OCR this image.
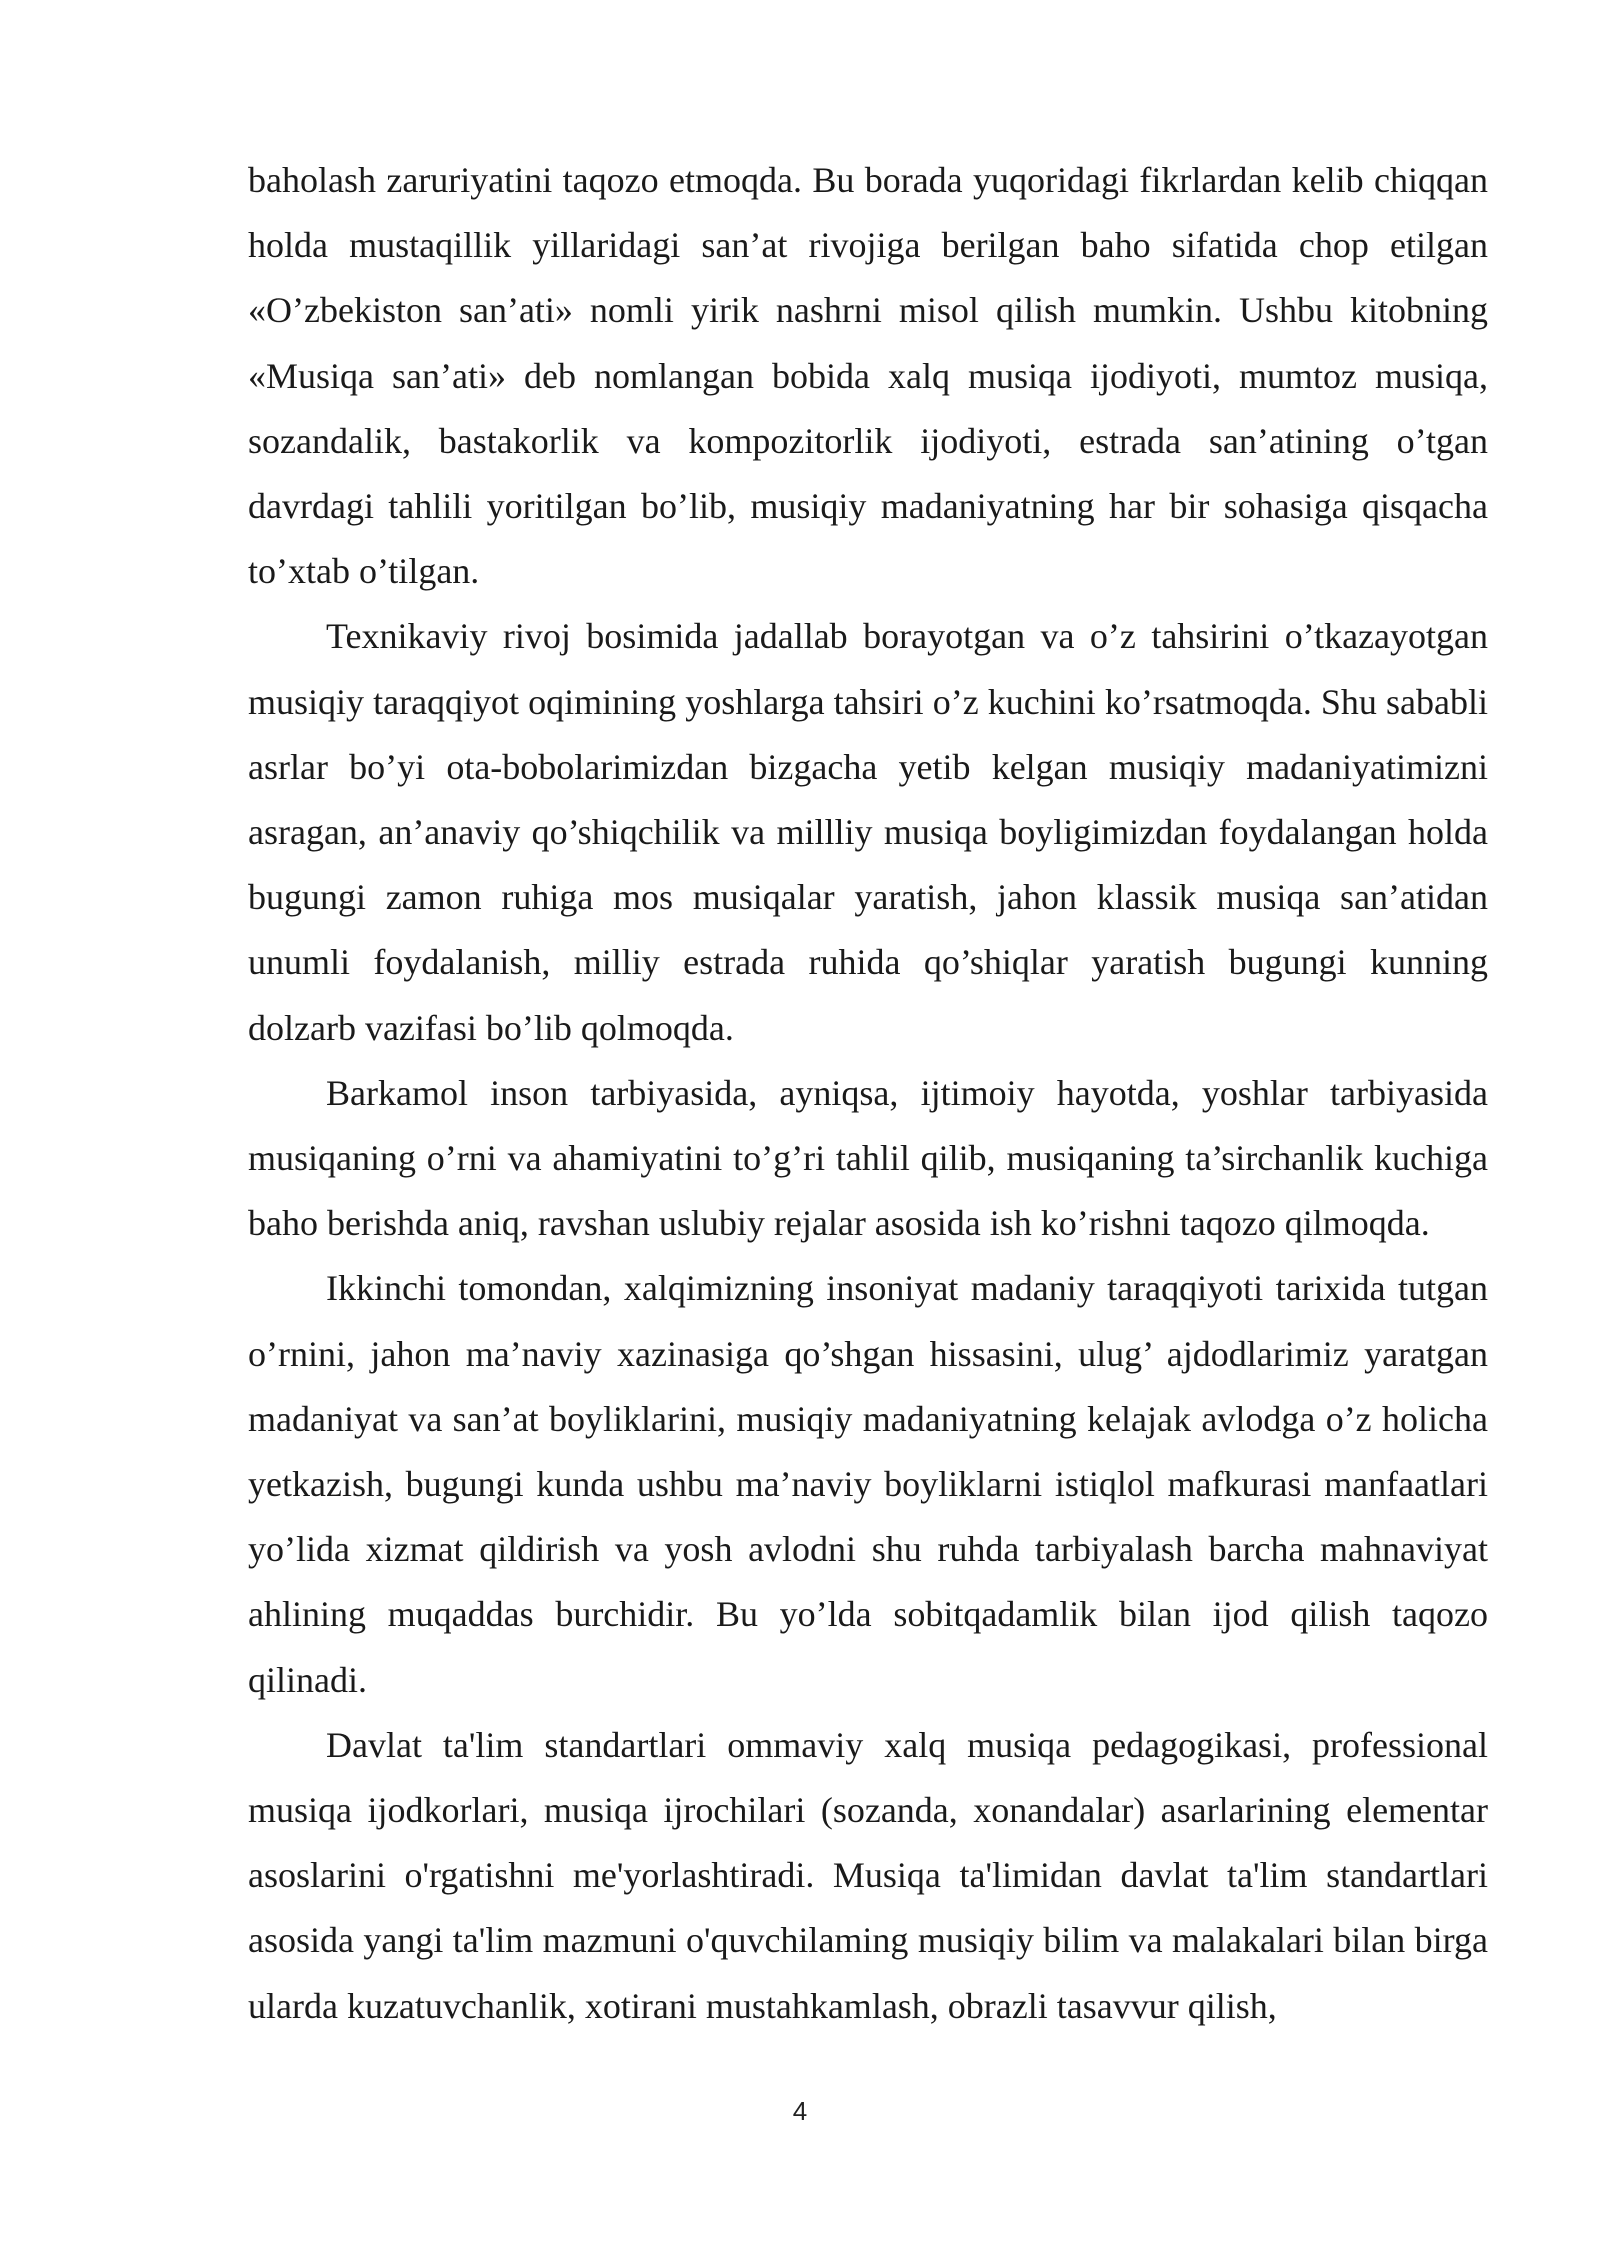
baholash zaruriyatini taqozo etmoqda. Bu borada yuqoridagi fikrlardan kelib chiqqan holda mustaqillik yillaridagi san’at rivojiga berilgan baho sifatida chop etilgan «O’zbekiston san’ati» nomli yirik nashrni misol qilish mumkin. Ushbu kitobning «Musiqa san’ati» deb nomlangan bobida xalq musiqa ijodiyoti, mumtoz musiqa, sozandalik, bastakorlik va kompozitorlik ijodiyoti, estrada san’atining o’tgan davrdagi tahlili yoritilgan bo’lib, musiqiy madaniyatning har bir sohasiga qisqacha to’xtab o’tilgan.

Texnikaviy rivoj bosimida jadallab borayotgan va o’z tahsirini o’tkazayotgan musiqiy taraqqiyot oqimining yoshlarga tahsiri o’z kuchini ko’rsatmoqda. Shu sababli asrlar bo’yi ota-bobolarimizdan bizgacha yetib kelgan musiqiy madaniyatimizni asragan, an’anaviy qo’shiqchilik va millliy musiqa boyligimizdan foydalangan holda bugungi zamon ruhiga mos musiqalar yaratish, jahon klassik musiqa san’atidan unumli foydalanish, milliy estrada ruhida qo’shiqlar yaratish bugungi kunning dolzarb vazifasi bo’lib qolmoqda.

Barkamol inson tarbiyasida, ayniqsa, ijtimoiy hayotda, yoshlar tarbiyasida musiqaning o’rni va ahamiyatini to’g’ri tahlil qilib, musiqaning ta’sirchanlik kuchiga baho berishda aniq, ravshan uslubiy rejalar asosida ish ko’rishni taqozo qilmoqda.

Ikkinchi tomondan, xalqimizning insoniyat madaniy taraqqiyoti tarixida tutgan o’rnini, jahon ma’naviy xazinasiga qo’shgan hissasini, ulug’ ajdodlarimiz yaratgan madaniyat va san’at boyliklarini, musiqiy madaniyatning kelajak avlodga o’z holicha yetkazish, bugungi kunda ushbu ma’naviy boyliklarni istiqlol mafkurasi manfaatlari yo’lida xizmat qildirish va yosh avlodni shu ruhda tarbiyalash barcha mahnaviyat ahlining muqaddas burchidir. Bu yo’lda sobitqadamlik bilan ijod qilish taqozo qilinadi.

Davlat ta'lim standartlari ommaviy xalq musiqa pedagogikasi, professional musiqa ijodkorlari, musiqa ijrochilari (sozanda, xonandalar) asarlarining elementar asoslarini o'rgatishni me'yorlashtiradi. Musiqa ta'limidan davlat ta'lim standartlari asosida yangi ta'lim mazmuni o'quvchilaming musiqiy bilim va malakalari bilan birga ularda kuzatuvchanlik, xotirani mustahkamlash, obrazli tasavvur qilish,

4
